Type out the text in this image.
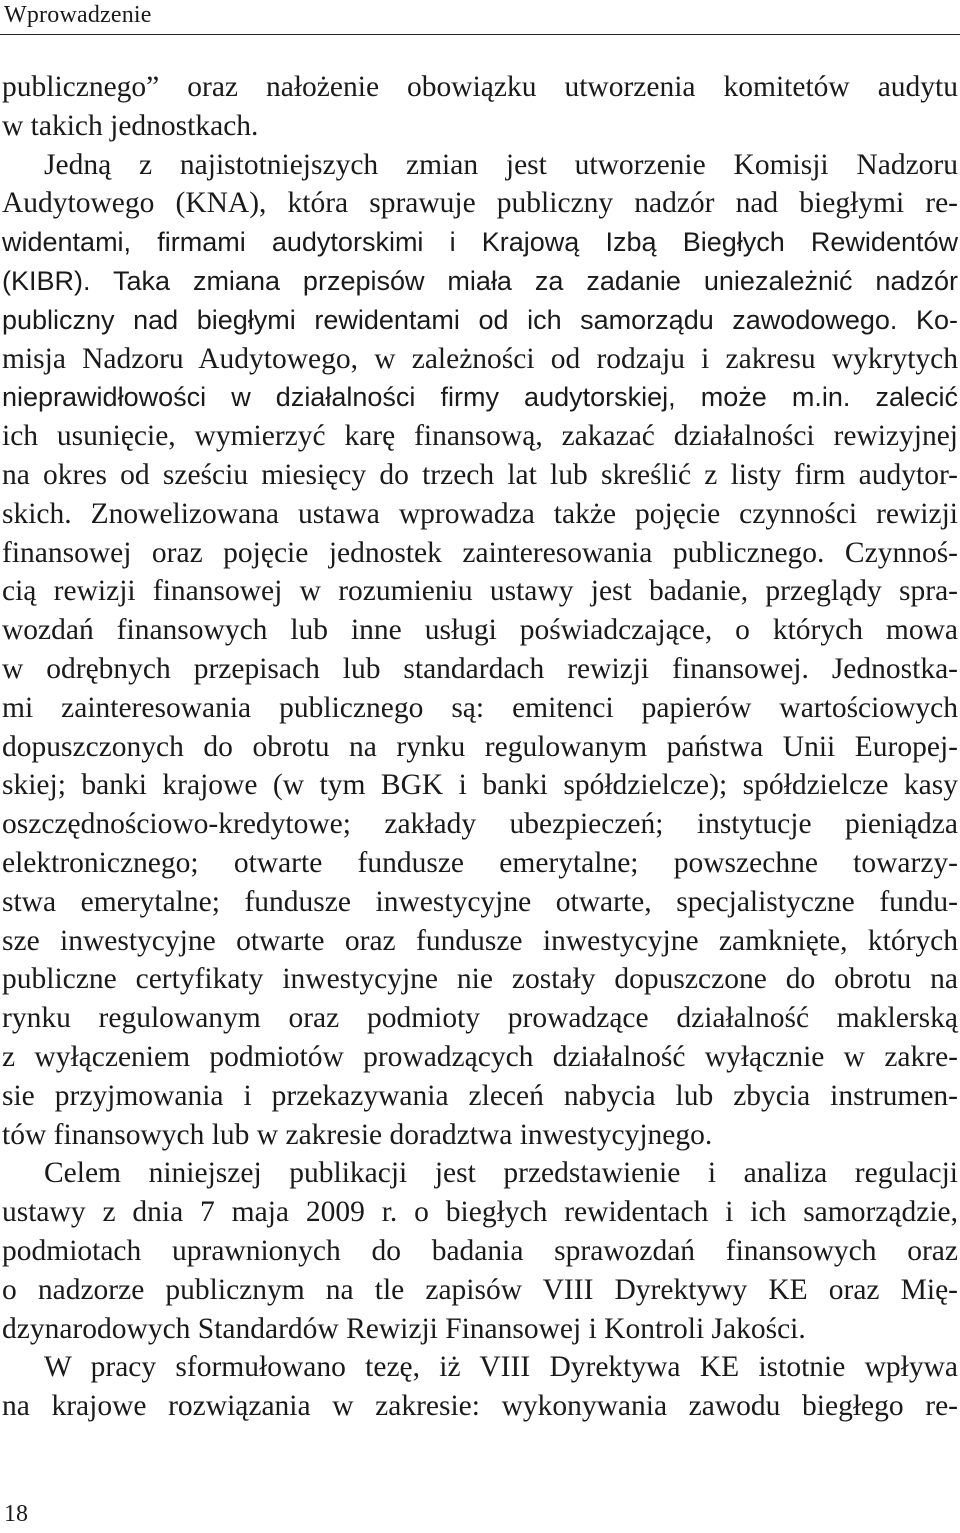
Wprowadzenie
publicznego” oraz nałożenie obowiązku utworzenia komitetów audytu
w takich jednostkach.
Jedną z najistotniejszych zmian jest utworzenie Komisji Nadzoru
Audytowego (KNA), która sprawuje publiczny nadzór nad biegłymi re-
widentami, firmami audytorskimi i Krajową Izbą Biegłych Rewidentów
(KIBR). Taka zmiana przepisów miała za zadanie uniezależnić nadzór
publiczny nad biegłymi rewidentami od ich samorządu zawodowego. Ko-
misja Nadzoru Audytowego, w zależności od rodzaju i zakresu wykrytych
nieprawidłowości w działalności firmy audytorskiej, może m.in. zalecić
ich usunięcie, wymierzyć karę finansową, zakazać działalności rewizyjnej
na okres od sześciu miesięcy do trzech lat lub skreślić z listy firm audytor-
skich. Znowelizowana ustawa wprowadza także pojęcie czynności rewizji
finansowej oraz pojęcie jednostek zainteresowania publicznego. Czynnoś-
cią rewizji finansowej w rozumieniu ustawy jest badanie, przeglądy spra-
wozdań finansowych lub inne usługi poświadczające, o których mowa
w odrębnych przepisach lub standardach rewizji finansowej. Jednostka-
mi zainteresowania publicznego są: emitenci papierów wartościowych
dopuszczonych do obrotu na rynku regulowanym państwa Unii Europej-
skiej; banki krajowe (w tym BGK i banki spółdzielcze); spółdzielcze kasy
oszczędnościowo-kredytowe; zakłady ubezpieczeń; instytucje pieniądza
elektronicznego; otwarte fundusze emerytalne; powszechne towarzy-
stwa emerytalne; fundusze inwestycyjne otwarte, specjalistyczne fundu-
sze inwestycyjne otwarte oraz fundusze inwestycyjne zamknięte, których
publiczne certyfikaty inwestycyjne nie zostały dopuszczone do obrotu na
rynku regulowanym oraz podmioty prowadzące działalność maklerską
z wyłączeniem podmiotów prowadzących działalność wyłącznie w zakre-
sie przyjmowania i przekazywania zleceń nabycia lub zbycia instrumen-
tów finansowych lub w zakresie doradztwa inwestycyjnego.
Celem niniejszej publikacji jest przedstawienie i analiza regulacji
ustawy z dnia 7 maja 2009 r. o biegłych rewidentach i ich samorządzie,
podmiotach uprawnionych do badania sprawozdań finansowych oraz
o nadzorze publicznym na tle zapisów VIII Dyrektywy KE oraz Mię-
dzynarodowych Standardów Rewizji Finansowej i Kontroli Jakości.
W pracy sformułowano tezę, iż VIII Dyrektywa KE istotnie wpływa
na krajowe rozwiązania w zakresie: wykonywania zawodu biegłego re-
18
